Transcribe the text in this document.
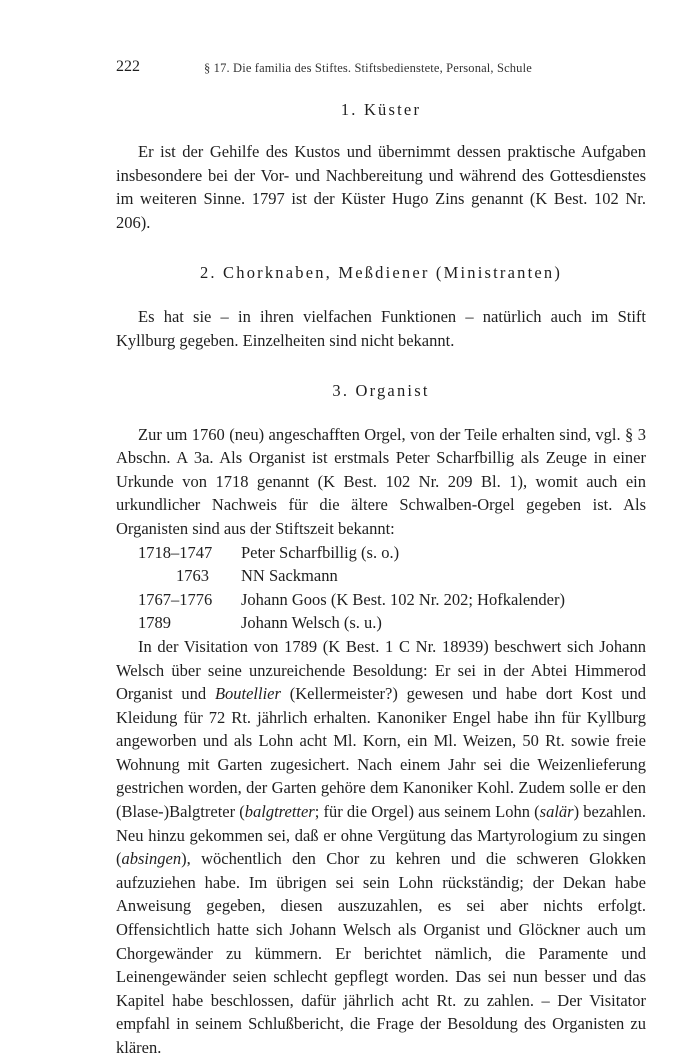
222	§ 17. Die familia des Stiftes. Stiftsbedienstete, Personal, Schule
1. Küster

Er ist der Gehilfe des Kustos und übernimmt dessen praktische Aufgaben insbesondere bei der Vor- und Nachbereitung und während des Gottesdienstes im weiteren Sinne. 1797 ist der Küster Hugo Zins genannt (K Best. 102 Nr. 206).

2. Chorknaben, Meßdiener (Ministranten)

Es hat sie – in ihren vielfachen Funktionen – natürlich auch im Stift Kyllburg gegeben. Einzelheiten sind nicht bekannt.

3. Organist

Zur um 1760 (neu) angeschafften Orgel, von der Teile erhalten sind, vgl. § 3 Abschn. A 3a. Als Organist ist erstmals Peter Scharfbillig als Zeuge in einer Urkunde von 1718 genannt (K Best. 102 Nr. 209 Bl. 1), womit auch ein urkundlicher Nachweis für die ältere Schwalben-Orgel gegeben ist. Als Organisten sind aus der Stiftszeit bekannt:

1718–1747	Peter Scharfbillig (s. o.)
1763	NN Sackmann
1767–1776	Johann Goos (K Best. 102 Nr. 202; Hofkalender)
1789	Johann Welsch (s. u.)

In der Visitation von 1789 (K Best. 1 C Nr. 18939) beschwert sich Johann Welsch über seine unzureichende Besoldung: Er sei in der Abtei Himmerod Organist und Boutellier (Kellermeister?) gewesen und habe dort Kost und Kleidung für 72 Rt. jährlich erhalten. Kanoniker Engel habe ihn für Kyllburg angeworben und als Lohn acht Ml. Korn, ein Ml. Weizen, 50 Rt. sowie freie Wohnung mit Garten zugesichert. Nach einem Jahr sei die Weizenlieferung gestrichen worden, der Garten gehöre dem Kanoniker Kohl. Zudem solle er den (Blase-)Balgtreter (balgtretter; für die Orgel) aus seinem Lohn (salär) bezahlen. Neu hinzu gekommen sei, daß er ohne Vergütung das Martyrologium zu singen (absingen), wöchentlich den Chor zu kehren und die schweren Glokken aufzuziehen habe. Im übrigen sei sein Lohn rückständig; der Dekan habe Anweisung gegeben, diesen auszuzahlen, es sei aber nichts erfolgt. Offensichtlich hatte sich Johann Welsch als Organist und Glöckner auch um Chorgewänder zu kümmern. Er berichtet nämlich, die Paramente und Leinengewänder seien schlecht gepflegt worden. Das sei nun besser und das Kapitel habe beschlossen, dafür jährlich acht Rt. zu zahlen. – Der Visitator empfahl in seinem Schlußbericht, die Frage der Besoldung des Organisten zu klären.
